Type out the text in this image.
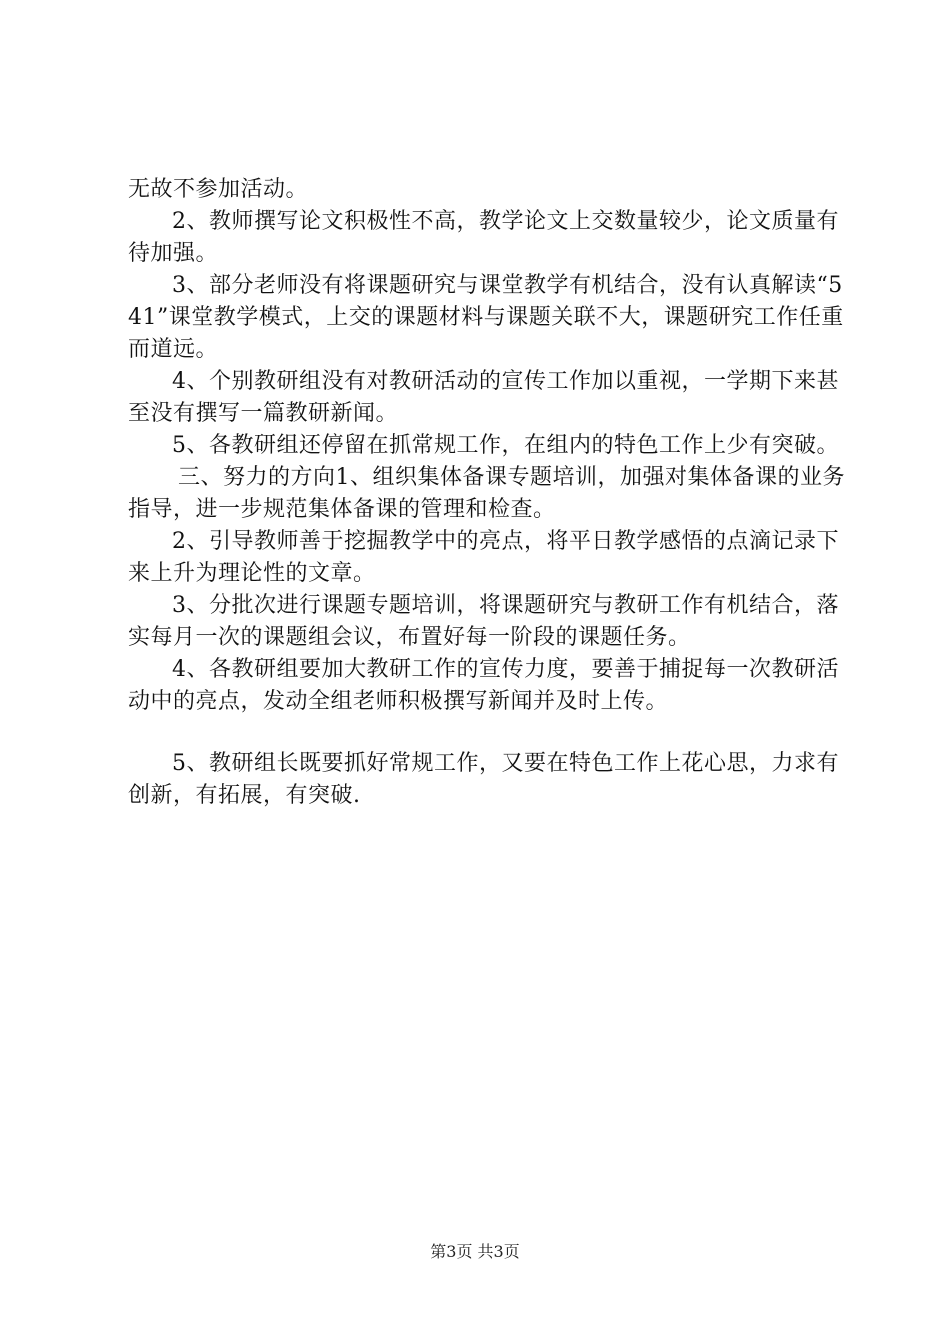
无故不参加活动。

2、教师撰写论文积极性不高，教学论文上交数量较少，论文质量有待加强。

3、部分老师没有将课题研究与课堂教学有机结合，没有认真解读“541”课堂教学模式，上交的课题材料与课题关联不大，课题研究工作任重而道远。

4、个别教研组没有对教研活动的宣传工作加以重视，一学期下来甚至没有撰写一篇教研新闻。

5、各教研组还停留在抓常规工作，在组内的特色工作上少有突破。

三、努力的方向1、组织集体备课专题培训，加强对集体备课的业务指导，进一步规范集体备课的管理和检查。

2、引导教师善于挖掘教学中的亮点，将平日教学感悟的点滴记录下来上升为理论性的文章。

3、分批次进行课题专题培训，将课题研究与教研工作有机结合，落实每月一次的课题组会议，布置好每一阶段的课题任务。

4、各教研组要加大教研工作的宣传力度，要善于捕捉每一次教研活动中的亮点，发动全组老师积极撰写新闻并及时上传。

5、教研组长既要抓好常规工作，又要在特色工作上花心思，力求有创新，有拓展，有突破.

第3页 共3页
